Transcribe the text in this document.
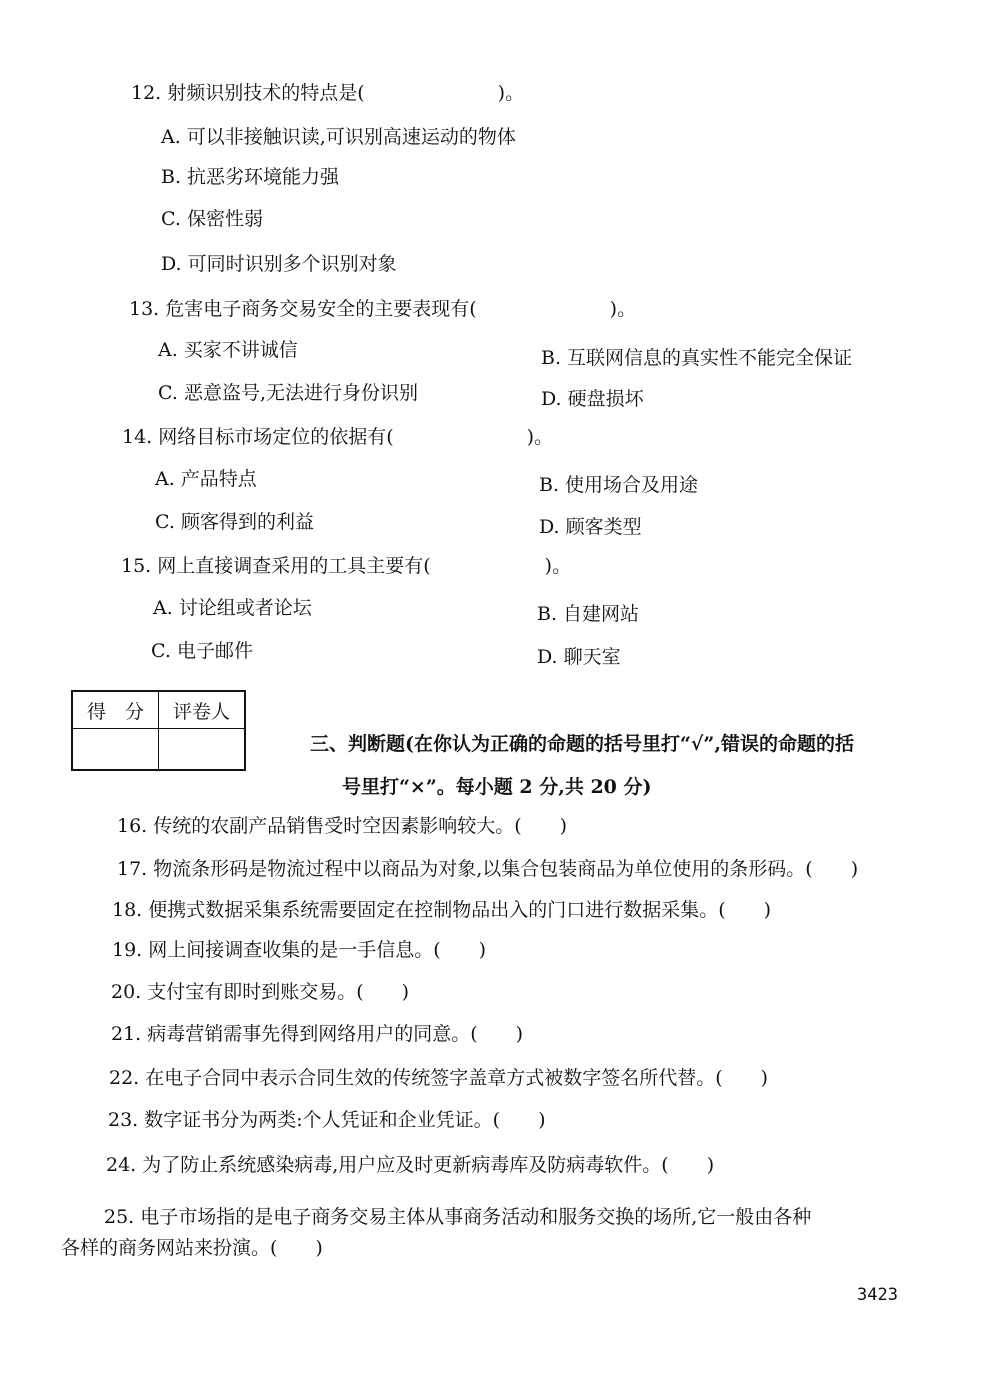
12. 射频识别技术的特点是(　　　　　　　)。
A. 可以非接触识读,可识别高速运动的物体
B. 抗恶劣环境能力强
C. 保密性弱
D. 可同时识别多个识别对象
13. 危害电子商务交易安全的主要表现有(　　　　　　　)。
A. 买家不讲诚信	B. 互联网信息的真实性不能完全保证
C. 恶意盗号,无法进行身份识别	D. 硬盘损坏
14. 网络目标市场定位的依据有(　　　　　　　)。
A. 产品特点	B. 使用场合及用途
C. 顾客得到的利益	D. 顾客类型
15. 网上直接调查采用的工具主要有(　　　　　　)。
A. 讨论组或者论坛	B. 自建网站
C. 电子邮件	D. 聊天室
得　分	评卷人

三、判断题(在你认为正确的命题的括号里打“√”,错误的命题的括
号里打“×”。每小题 2 分,共 20 分)
16. 传统的农副产品销售受时空因素影响较大。(　　)
17. 物流条形码是物流过程中以商品为对象,以集合包装商品为单位使用的条形码。(　　)
18. 便携式数据采集系统需要固定在控制物品出入的门口进行数据采集。(　　)
19. 网上间接调查收集的是一手信息。(　　)
20. 支付宝有即时到账交易。(　　)
21. 病毒营销需事先得到网络用户的同意。(　　)
22. 在电子合同中表示合同生效的传统签字盖章方式被数字签名所代替。(　　)
23. 数字证书分为两类:个人凭证和企业凭证。(　　)
24. 为了防止系统感染病毒,用户应及时更新病毒库及防病毒软件。(　　)
25. 电子市场指的是电子商务交易主体从事商务活动和服务交换的场所,它一般由各种
各样的商务网站来扮演。(　　)
3423
